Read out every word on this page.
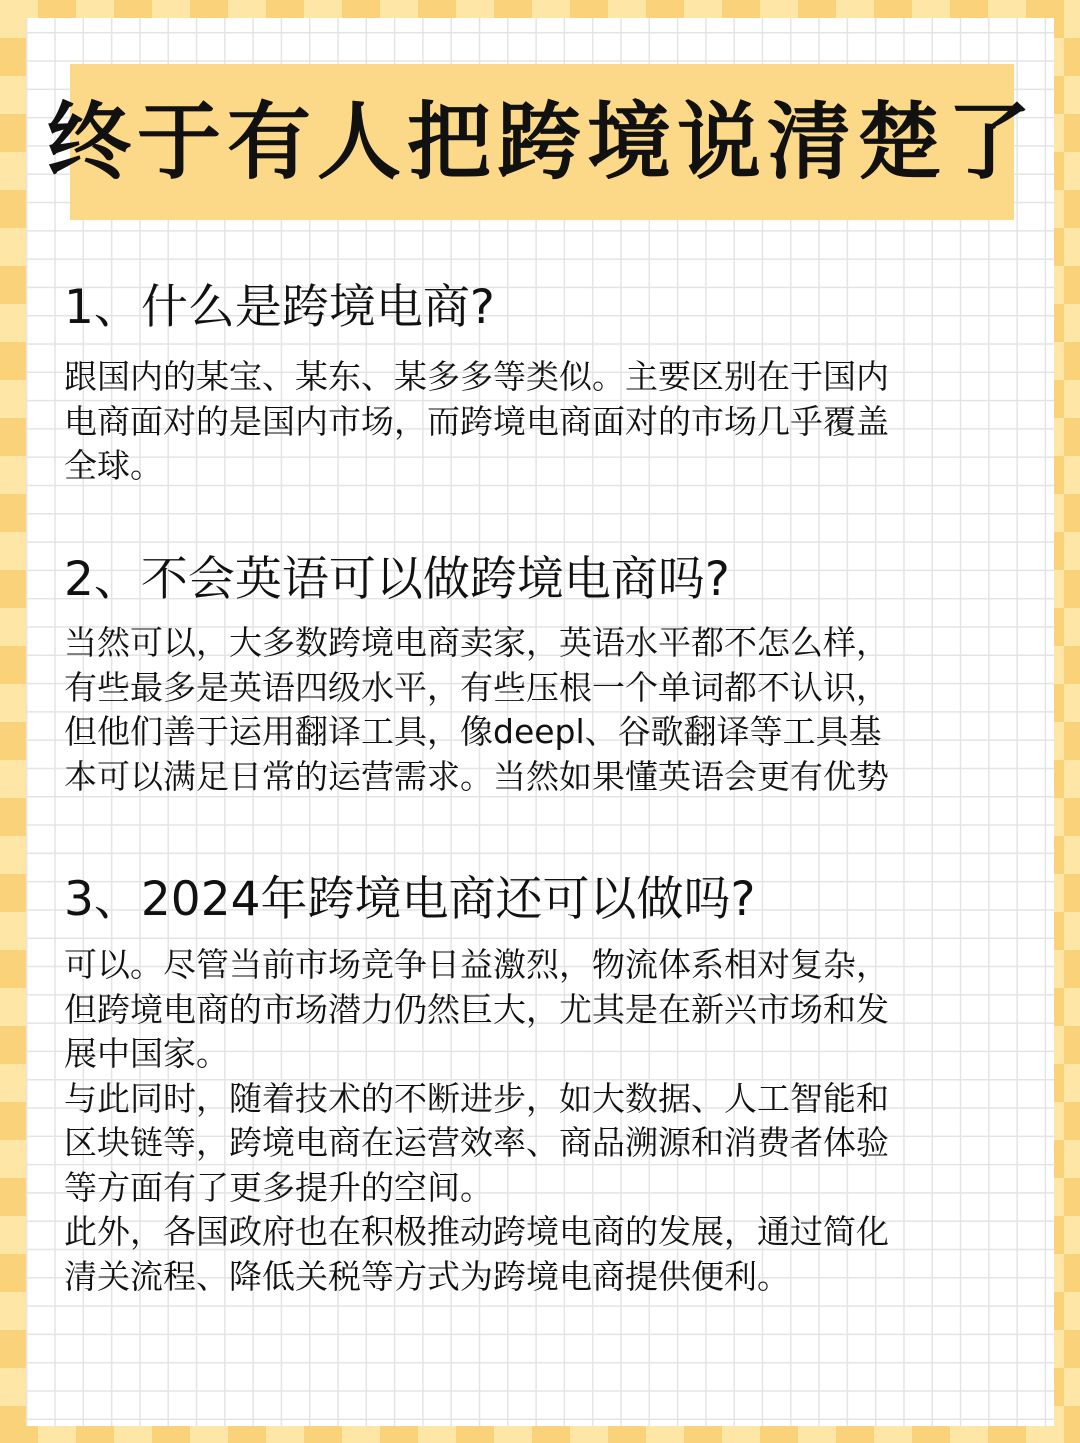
终于有人把跨境说清楚了
1、什么是跨境电商?
跟国内的某宝、某东、某多多等类似。主要区别在于国内
电商面对的是国内市场，而跨境电商面对的市场几乎覆盖
全球。
2、不会英语可以做跨境电商吗?
当然可以，大多数跨境电商卖家，英语水平都不怎么样，
有些最多是英语四级水平，有些压根一个单词都不认识，
但他们善于运用翻译工具，像deepl、谷歌翻译等工具基
本可以满足日常的运营需求。当然如果懂英语会更有优势
3、2024年跨境电商还可以做吗?
可以。尽管当前市场竞争日益激烈，物流体系相对复杂，
但跨境电商的市场潜力仍然巨大，尤其是在新兴市场和发
展中国家。
与此同时，随着技术的不断进步，如大数据、人工智能和
区块链等，跨境电商在运营效率、商品溯源和消费者体验
等方面有了更多提升的空间。
此外，各国政府也在积极推动跨境电商的发展，通过简化
清关流程、降低关税等方式为跨境电商提供便利。
